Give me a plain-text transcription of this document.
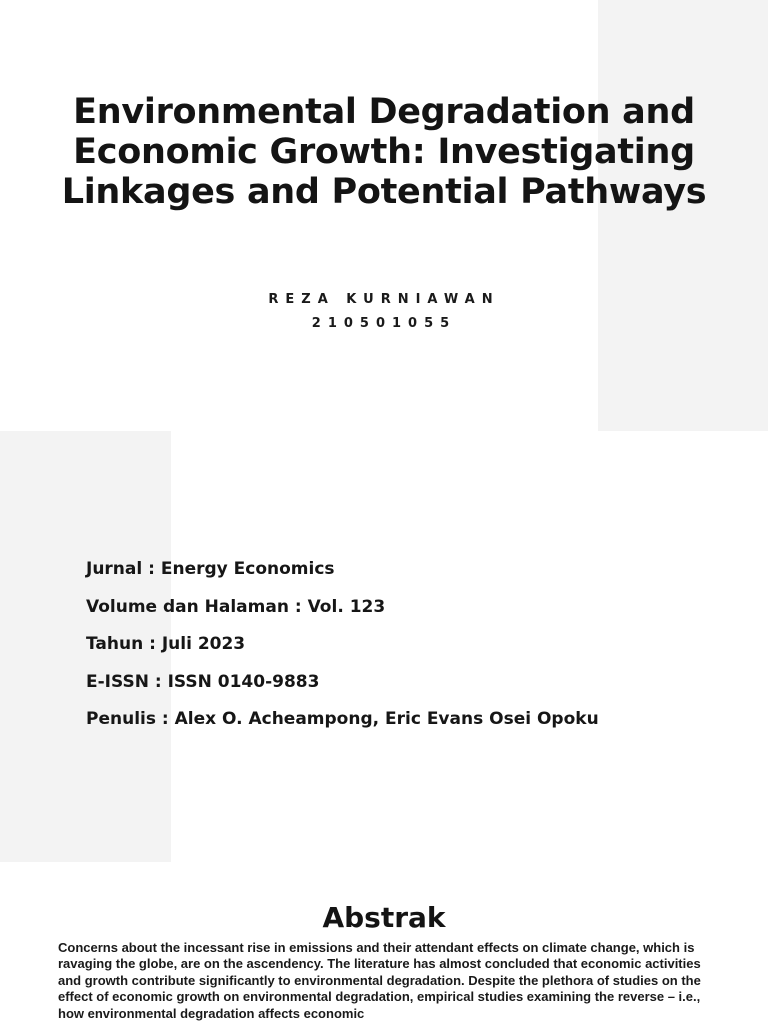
Environmental Degradation and Economic Growth: Investigating Linkages and Potential Pathways
REZA KURNIAWAN
210501055
Jurnal : Energy Economics
Volume dan Halaman : Vol. 123
Tahun : Juli 2023
E-ISSN : ISSN 0140-9883
Penulis : Alex O. Acheampong, Eric Evans Osei Opoku
Abstrak

Concerns about the incessant rise in emissions and their attendant effects on climate change, which is ravaging the globe, are on the ascendency. The literature has almost concluded that economic activities and growth contribute significantly to environmental degradation. Despite the plethora of studies on the effect of economic growth on environmental degradation, empirical studies examining the reverse – i.e., how environmental degradation affects economic
